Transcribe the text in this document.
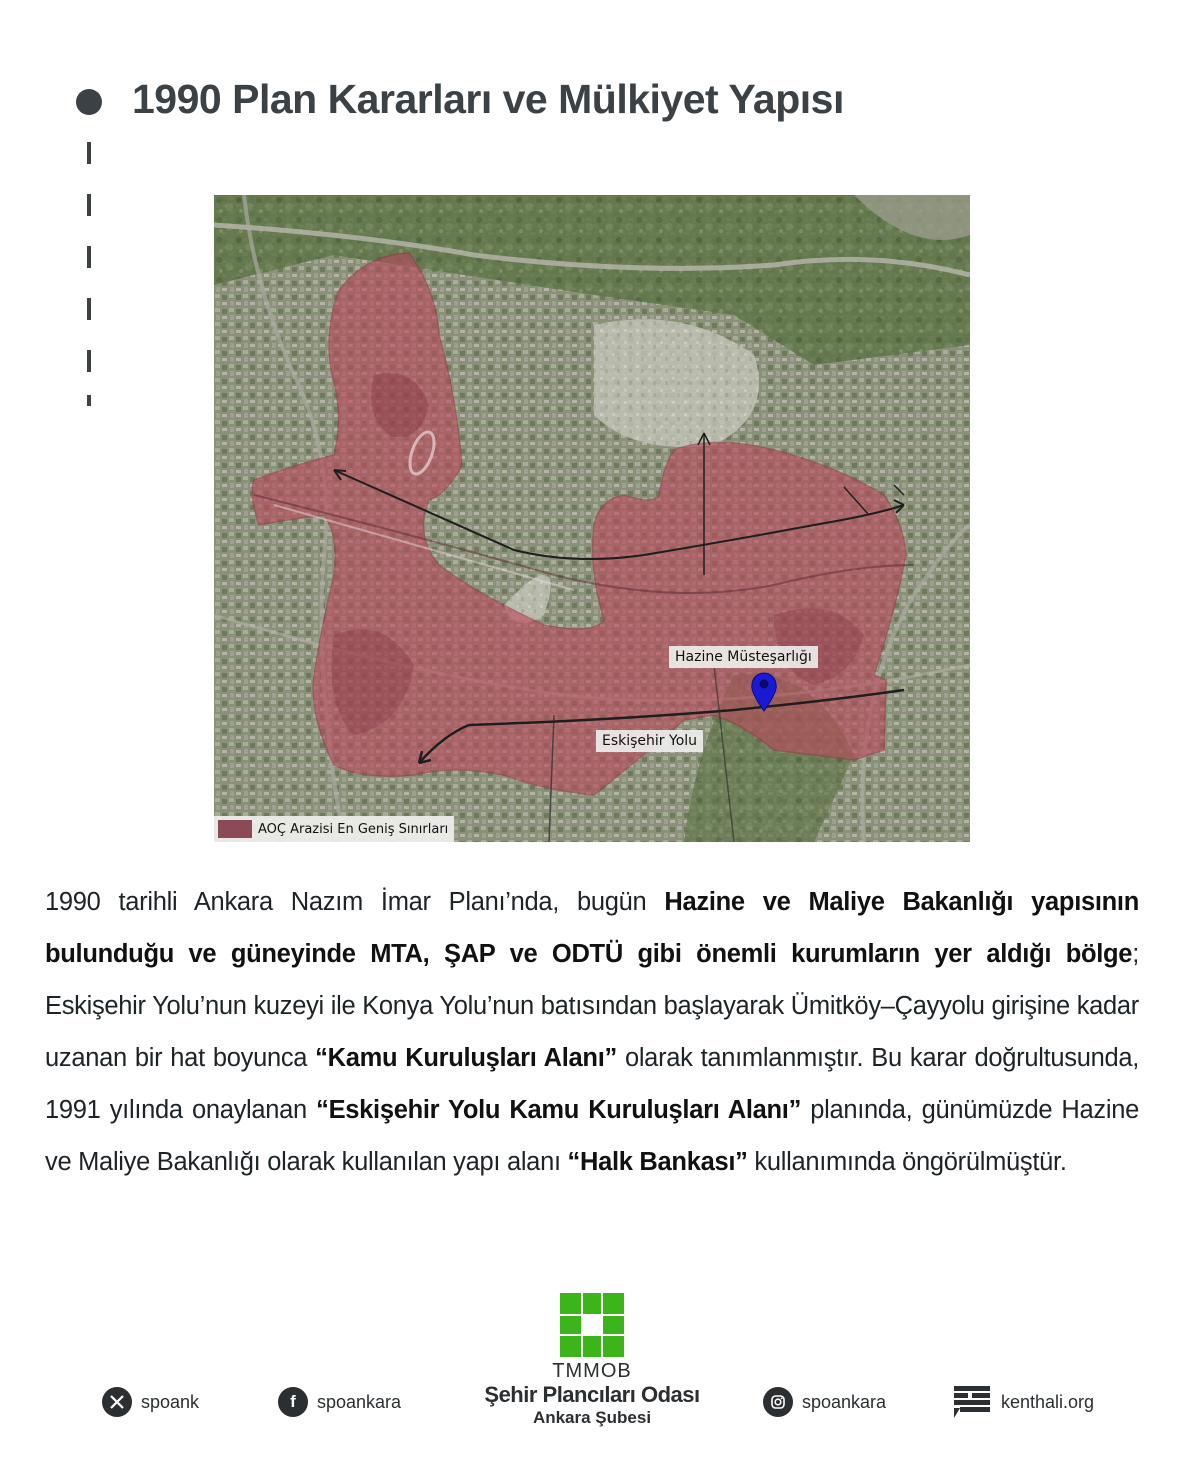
1990 Plan Kararları ve Mülkiyet Yapısı
Hazine Müsteşarlığı
Eskişehir Yolu
AOÇ Arazisi En Geniş Sınırları
1990 tarihli Ankara Nazım İmar Planı’nda, bugün Hazine ve Maliye Bakanlığı yapısının bulunduğu ve güneyinde MTA, ŞAP ve ODTÜ gibi önemli kurumların yer aldığı bölge; Eskişehir Yolu’nun kuzeyi ile Konya Yolu’nun batısından başlayarak Ümitköy–Çayyolu girişine kadar uzanan bir hat boyunca “Kamu Kuruluşları Alanı” olarak tanımlanmıştır. Bu karar doğrultusunda, 1991 yılında onaylanan “Eskişehir Yolu Kamu Kuruluşları Alanı” planında, günümüzde Hazine ve Maliye Bakanlığı olarak kullanılan yapı alanı “Halk Bankası” kullanımında öngörülmüştür.
spoank	f	spoankara
TMMOB
Şehir Plancıları Odası
Ankara Şubesi
spoankara	kenthali.org
